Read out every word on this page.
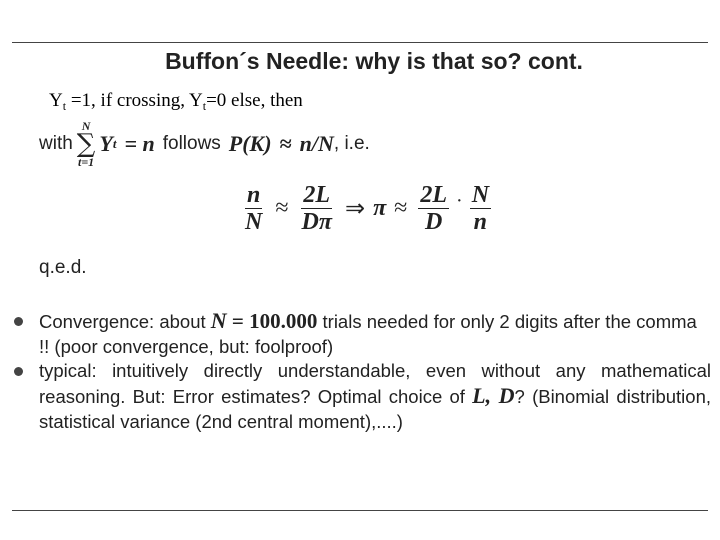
Buffon´s Needle: why is that so? cont.
$Y_t =1$, if crossing, $Y_t=0$ else, then
with
N
∑
t=1
Y t = n follows P(K) ≈ n/N , i.e.
$\frac{n}{N} \approx \frac{2L}{D\pi}$ ⇒ $\pi \approx \frac{2L}{D} \cdot \frac{N}{n}$
q.e.d.
Convergence: about N = 100.000 trials needed for only 2 digits after the comma !! (poor convergence, but: foolproof)
typical: intuitively directly understandable, even without any mathematical reasoning. But: Error estimates? Optimal choice of L, D? (Binomial distribution, statistical variance (2nd central moment),....)
